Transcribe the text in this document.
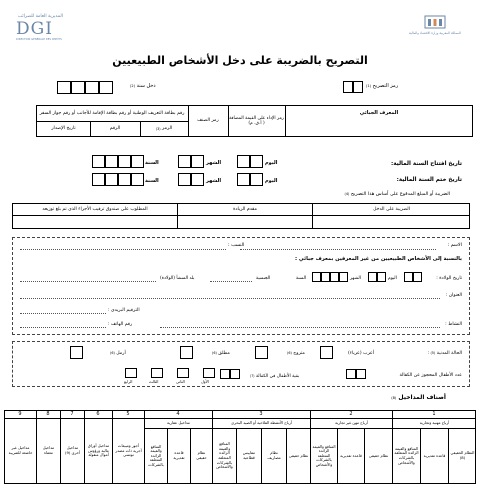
المديرية العامة للضرائب
DGI
DIRECTION GÉNÉRALE DES IMPÔTS
المملكة المغربية وزارة الاقتصاد والمالية
التصريح بالضريبة على دخل الأشخاص الطبيعيين
رمز التصريح (1)
دخل سنة (2)
المعرف الجبائي
رمز الإداء على القيمة المضافة
( أ.ق. م)
رمز الصنف
رقم بطاقة التعريف الوطنية أو رقم بطاقة الإقامة للأجانب أو رقم جواز السفر
الرمز

(3)
الرقم
تاريخ الإصدار
تاريخ افتتاح السنة المالية:
تاريخ ختم السنة المالية:
اليوم
الشهر
السنة
اليوم
الشهر
السنة
الضريبة أو المبلغ المدفوع على أساس هذا التصريح (4)
الضريبة على الدخل
مقدم الزيادة
المطلوب على صندوق ترقيب الأجراء الذي تم بلغ توزيعه
الاسم :
النسب :
بالنسبة إلى الأشخاص الطبيعيين من غير المعرفين بمعرف جبائي :
تاريخ الولادة :
اليوم
الشهر
السنة
الجنسية
بلد المنشأ (الولادة)
العنوان :
الترقيم البريدي :
النشاط :
رقم الهاتف :
الحالة المدنية (5) :
أعزب (عزباء)
متزوج (6)
مطلق (6)
أرمل (6)
عدد الأطفال المحجوز عن الكفالة
بقية الأطفال في الكفالة (7)
الأول
الثاني
الثالث
الرابع
أصناف المداخيل (8)
1
2
3
4
5
6
7
8
9
أرباح مهنية وتجارية
أرباح مهن غير تجارية
أرباح الأنشطة الفلاحية أو الصيد البحري
مداخيل عقارية
النظام الحقيقي (8)
قاعدة تقديرية
المنافع والقيمة الزائدة المتعلقة بالشركات والأشخاص
نظام حقيقي
قاعدة تقديرية
المنافع والقيمة الزائدة المتعلقة بالشركات والأشخاص
نظام حقيقي
نظام مصاريف
مقاييس قطاعية
المنافع والقيمة الزائدة المتعلقة بالشركات والأشخاص
نظام حقيقي
قاعدة تقديرية
المنافع والقيمة الزائدة المتعلقة بالشركات
أجور ومبيعات أجرية ذات مصدر تونسي
مداخيل أوراق مالية ورؤوس أموال منقولة
مداخيل أخرى (9)
مداخيل معفاة
مداخيل غير خاضعة للضريبة
